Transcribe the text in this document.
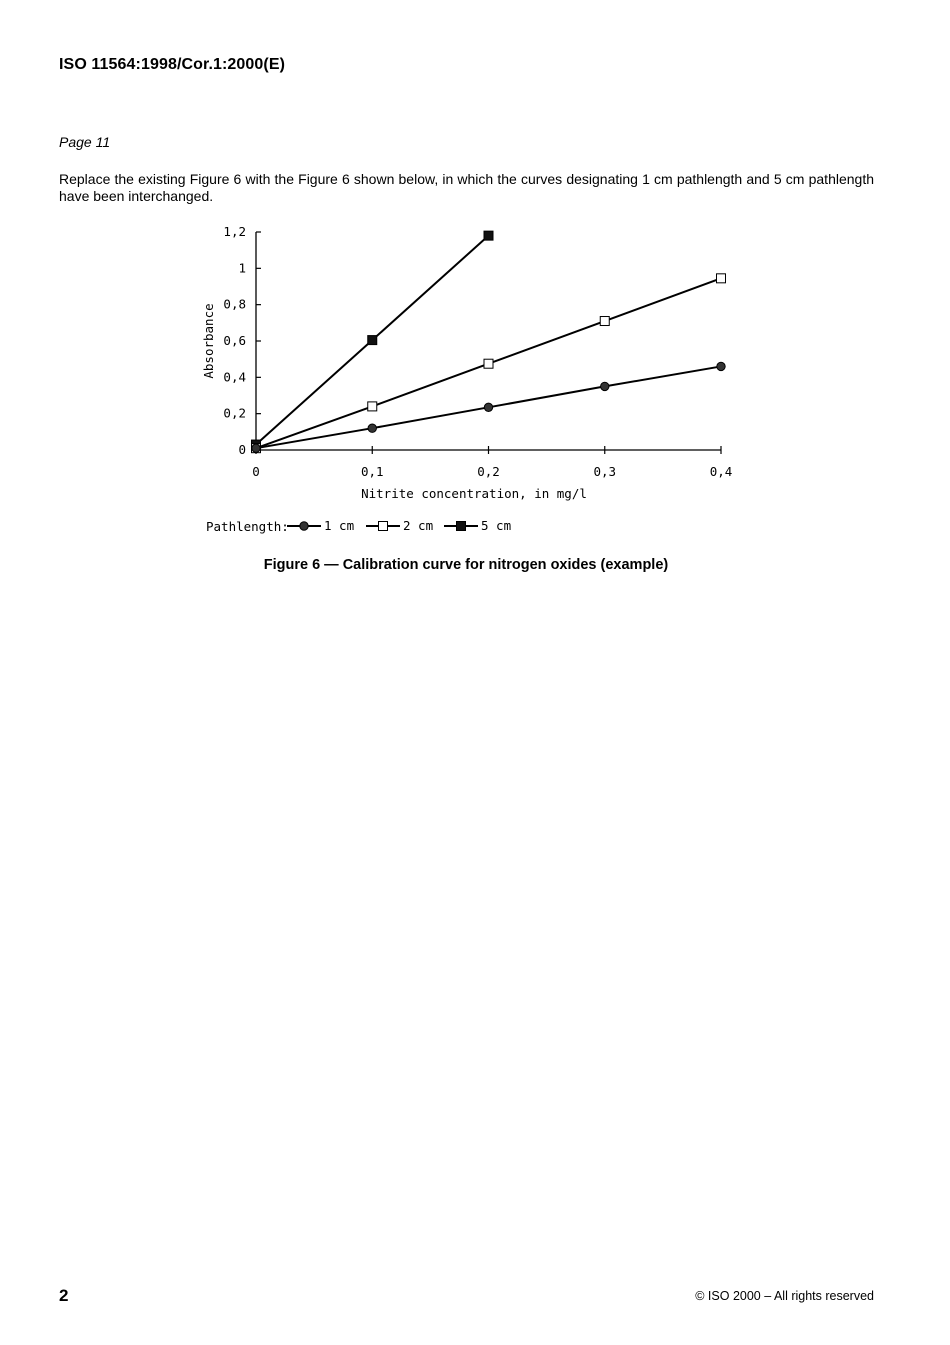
ISO 11564:1998/Cor.1:2000(E)
Page 11

Replace the existing Figure 6 with the Figure 6 shown below, in which the curves designating 1 cm pathlength and 5 cm pathlength have been interchanged.

0
0,2
0,4
0,6
0,8
1
1,2
0	0,1	0,2	0,3	0,4
Absorbance
Nitrite concentration, in mg/l
Pathlength:	1 cm	2 cm	5 cm
Figure 6 — Calibration curve for nitrogen oxides (example)
2	© ISO 2000 – All rights reserved
